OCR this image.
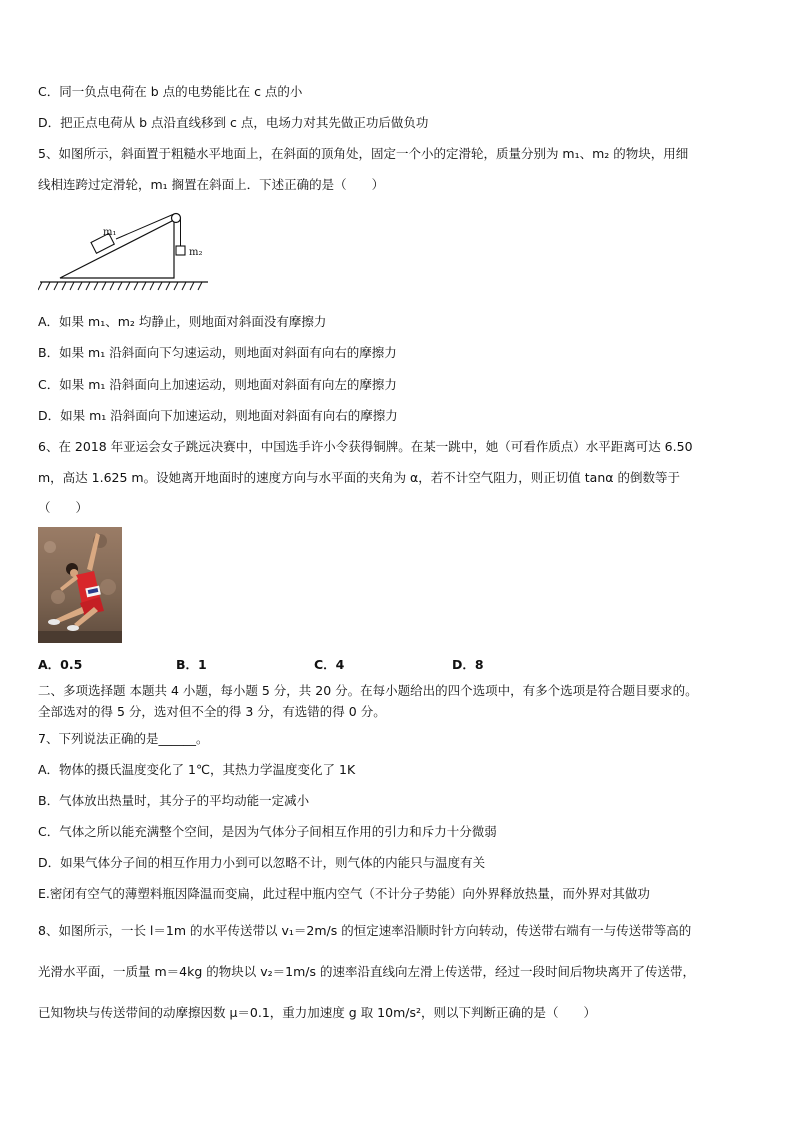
C．同一负点电荷在 b 点的电势能比在 c 点的小
D．把正点电荷从 b 点沿直线移到 c 点，电场力对其先做正功后做负功
5、如图所示，斜面置于粗糙水平地面上，在斜面的顶角处，固定一个小的定滑轮，质量分别为 m₁、m₂ 的物块，用细
线相连跨过定滑轮，m₁ 搁置在斜面上．下述正确的是（　　）
m₁
m₂
A．如果 m₁、m₂ 均静止，则地面对斜面没有摩擦力
B．如果 m₁ 沿斜面向下匀速运动，则地面对斜面有向右的摩擦力
C．如果 m₁ 沿斜面向上加速运动，则地面对斜面有向左的摩擦力
D．如果 m₁ 沿斜面向下加速运动，则地面对斜面有向右的摩擦力
6、在 2018 年亚运会女子跳远决赛中，中国选手许小令获得铜牌。在某一跳中，她（可看作质点）水平距离可达 6.50
m，高达 1.625 m。设她离开地面时的速度方向与水平面的夹角为 α，若不计空气阻力，则正切值 tanα 的倒数等于
（　　）
A．0.5	B．1	C．4	D．8
二、多项选择题 本题共 4 小题，每小题 5 分，共 20 分。在每小题给出的四个选项中，有多个选项是符合题目要求的。
全部选对的得 5 分，选对但不全的得 3 分，有选错的得 0 分。
7、下列说法正确的是______。
A．物体的摄氏温度变化了 1℃，其热力学温度变化了 1K
B．气体放出热量时，其分子的平均动能一定减小
C．气体之所以能充满整个空间，是因为气体分子间相互作用的引力和斥力十分微弱
D．如果气体分子间的相互作用力小到可以忽略不计，则气体的内能只与温度有关
E.密闭有空气的薄塑料瓶因降温而变扁，此过程中瓶内空气（不计分子势能）向外界释放热量，而外界对其做功
8、如图所示，一长 l＝1m 的水平传送带以 v₁＝2m/s 的恒定速率沿顺时针方向转动，传送带右端有一与传送带等高的
光滑水平面，一质量 m＝4kg 的物块以 v₂＝1m/s 的速率沿直线向左滑上传送带，经过一段时间后物块离开了传送带，
已知物块与传送带间的动摩擦因数 μ＝0.1，重力加速度 g 取 10m/s²，则以下判断正确的是（　　）
